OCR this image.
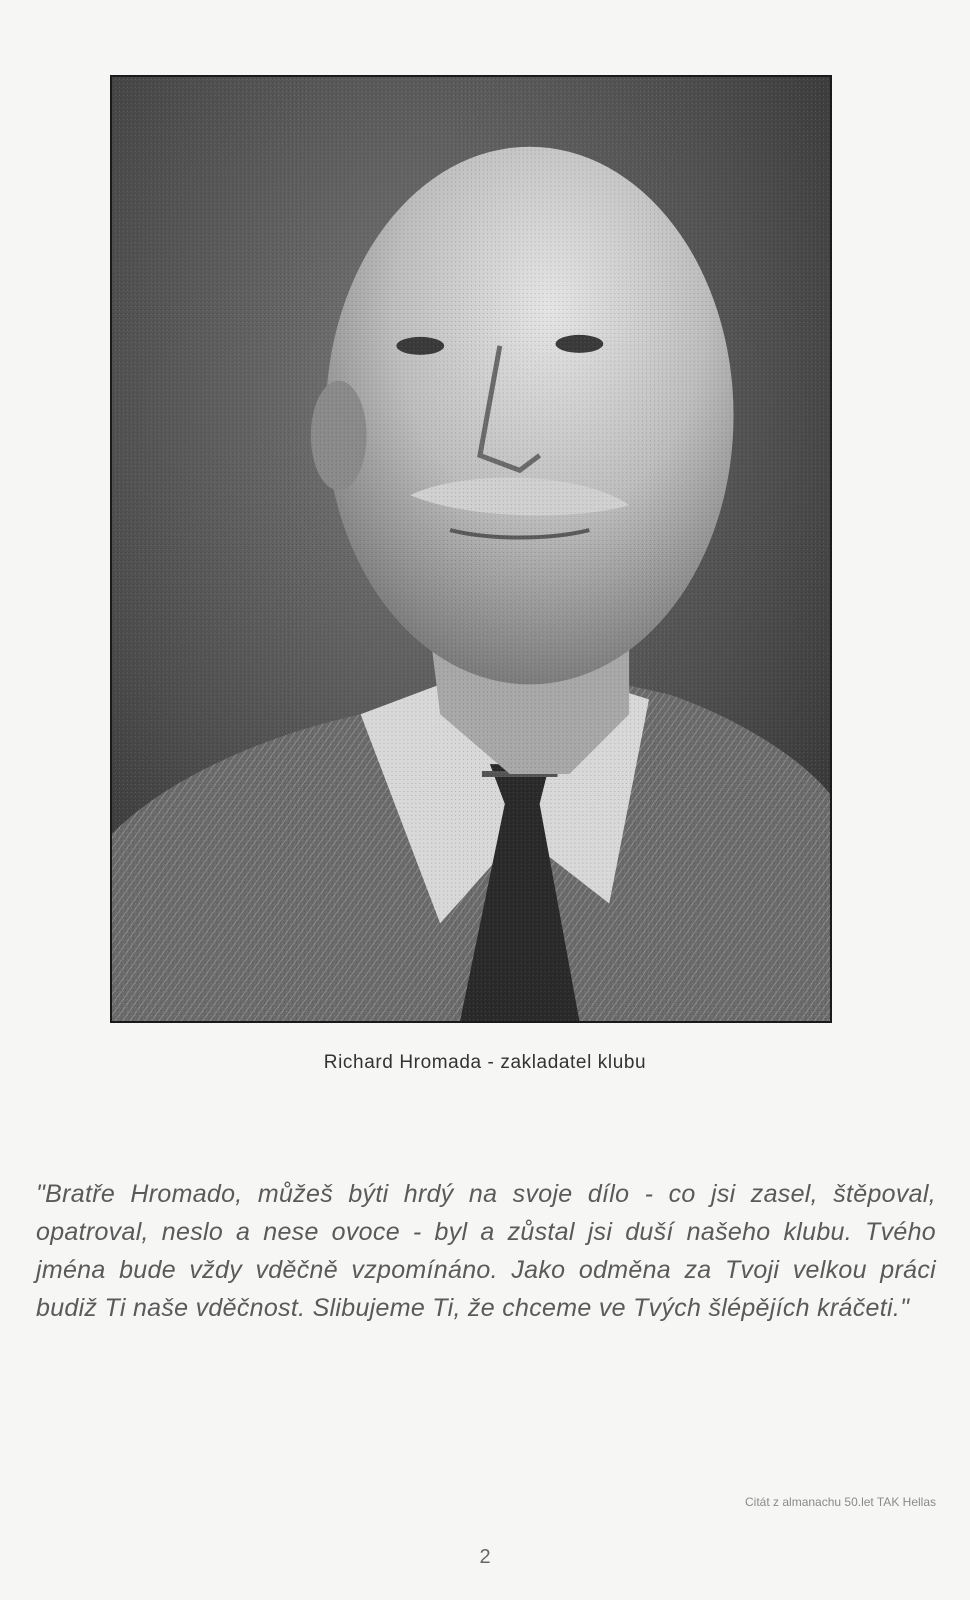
Richard Hromada - zakladatel klubu
"Bratře Hromado, můžeš býti hrdý na svoje dílo - co jsi zasel, štěpoval, opatroval, neslo a nese ovoce - byl a zůstal jsi duší našeho klubu. Tvého jména bude vždy vděčně vzpomínáno. Jako odměna za Tvoji velkou práci budiž Ti naše vděčnost. Slibujeme Ti, že chceme ve Tvých šlépějích kráčeti."
Citát z almanachu 50.let TAK Hellas
2
